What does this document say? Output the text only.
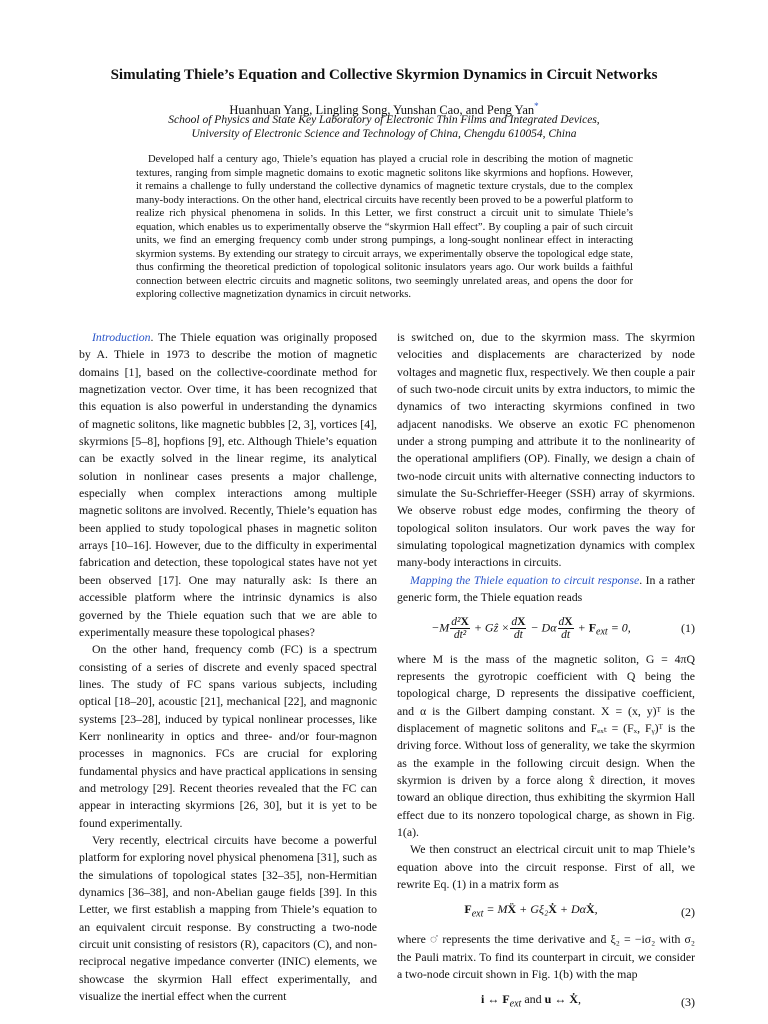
Simulating Thiele’s Equation and Collective Skyrmion Dynamics in Circuit Networks
Huanhuan Yang, Lingling Song, Yunshan Cao, and Peng Yan*
School of Physics and State Key Laboratory of Electronic Thin Films and Integrated Devices,
University of Electronic Science and Technology of China, Chengdu 610054, China

Developed half a century ago, Thiele’s equation has played a crucial role in describing the motion of magnetic textures, ranging from simple magnetic domains to exotic magnetic solitons like skyrmions and hopfions. However, it remains a challenge to fully understand the collective dynamics of magnetic texture crystals, due to the complex many-body interactions. On the other hand, electrical circuits have recently been proved to be a powerful platform to realize rich physical phenomena in solids. In this Letter, we first construct a circuit unit to simulate Thiele’s equation, which enables us to experimentally observe the “skyrmion Hall effect”. By coupling a pair of such circuit units, we find an emerging frequency comb under strong pumpings, a long-sought nonlinear effect in interacting skyrmion systems. By extending our strategy to circuit arrays, we experimentally observe the topological edge state, thus confirming the theoretical prediction of topological solitonic insulators years ago. Our work builds a faithful connection between electric circuits and magnetic solitons, two seemingly unrelated areas, and opens the door for exploring collective magnetization dynamics in circuit networks.

Introduction. The Thiele equation was originally proposed by A. Thiele in 1973 to describe the motion of magnetic domains [1], based on the collective-coordinate method for magnetization vector. Over time, it has been recognized that this equation is also powerful in understanding the dynamics of magnetic solitons, like magnetic bubbles [2, 3], vortices [4], skyrmions [5–8], hopfions [9], etc. Although Thiele’s equation can be exactly solved in the linear regime, its analytical solution in nonlinear cases presents a major challenge, especially when complex interactions among multiple magnetic solitons are involved. Recently, Thiele’s equation has been applied to study topological phases in magnetic soliton arrays [10–16]. However, due to the difficulty in experimental fabrication and detection, these topological states have not yet been observed [17]. One may naturally ask: Is there an accessible platform where the intrinsic dynamics is also governed by the Thiele equation such that we are able to experimentally measure these topological phases?

On the other hand, frequency comb (FC) is a spectrum consisting of a series of discrete and evenly spaced spectral lines. The study of FC spans various subjects, including optical [18–20], acoustic [21], mechanical [22], and magnonic systems [23–28], induced by typical nonlinear processes, like Kerr nonlinearity in optics and three- and/or four-magnon processes in magnonics. FCs are crucial for exploring fundamental physics and have practical applications in sensing and metrology [29]. Recent theories revealed that the FC can appear in interacting skyrmions [26, 30], but it is yet to be found experimentally.

Very recently, electrical circuits have become a powerful platform for exploring novel physical phenomena [31], such as the simulations of topological states [32–35], non-Hermitian dynamics [36–38], and non-Abelian gauge fields [39]. In this Letter, we first establish a mapping from Thiele’s equation to an equivalent circuit response. By constructing a two-node circuit unit consisting of resistors (R), capacitors (C), and non-reciprocal negative impedance converter (INIC) elements, we showcase the skyrmion Hall effect experimentally, and visualize the inertial effect when the current

is switched on, due to the skyrmion mass. The skyrmion velocities and displacements are characterized by node voltages and magnetic flux, respectively. We then couple a pair of such two-node circuit units by extra inductors, to mimic the dynamics of two interacting skyrmions confined in two adjacent nanodisks. We observe an exotic FC phenomenon under a strong pumping and attribute it to the nonlinearity of the operational amplifiers (OP). Finally, we design a chain of two-node circuit units with alternative connecting inductors to simulate the Su-Schrieffer-Heeger (SSH) array of skyrmions. We observe robust edge modes, confirming the theory of topological soliton insulators. Our work paves the way for simulating topological magnetization dynamics with complex many-body interactions in circuits.

Mapping the Thiele equation to circuit response. In a rather generic form, the Thiele equation reads

$-M \frac{\text{d²X}}{\text{dt²}}$ + Gẑ × $\frac{dX}{dt} - D\alpha \frac{dX}{dt} + F_{ext} = 0$,	(1)

where M is the mass of the magnetic soliton, G = 4πQ represents the gyrotropic coefficient with Q being the topological charge, D represents the dissipative coefficient, and α is the Gilbert damping constant. X = (x, y)ᵀ is the displacement of magnetic solitons and Fₑₓₜ = (Fₓ, Fᵧ)ᵀ is the driving force. Without loss of generality, we take the skyrmion as the example in the following circuit design. When the skyrmion is driven by a force along x̂ direction, it moves toward an oblique direction, thus exhibiting the skyrmion Hall effect due to its nonzero topological charge, as shown in Fig. 1(a).

We then construct an electrical circuit unit to map Thiele’s equation above into the circuit response. First of all, we rewrite Eq. (1) in a matrix form as

$F_{ext}$ = MẌ + Gξ₂Ẋ + DαẊ,	(2)

where ◌̇ represents the time derivative and ξ₂ = −iσ₂ with σ₂ the Pauli matrix. To find its counterpart in circuit, we consider a two-node circuit shown in Fig. 1(b) with the map

i ↔ $F_{ext}$ and u ↔ Ẋ,	(3)
